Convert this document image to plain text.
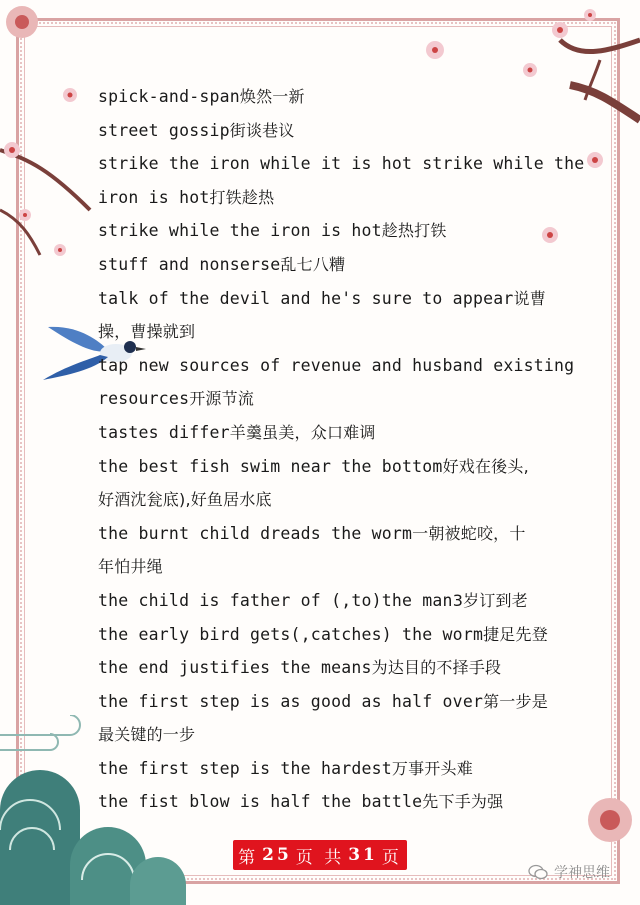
spick-and-span焕然一新
street gossip街谈巷议
strike the iron while it is hot strike while the
iron is hot打铁趁热
strike while the iron is hot趁热打铁
stuff and nonserse乱七八糟
talk of the devil and he's sure to appear说曹
操，曹操就到
tap new sources of revenue and husband existing
resources开源节流
tastes differ羊羹虽美，众口难调
the best fish swim near the bottom好戏在後头,
好酒沈瓮底),好鱼居水底
the burnt child dreads the worm一朝被蛇咬，十
年怕井绳
the child is father of (,to)the man3岁订到老
the early bird gets(,catches) the worm捷足先登
the end justifies the means为达目的不择手段
the first step is as good as half over第一步是
最关键的一步
the first step is the hardest万事开头难
the fist blow is half the battle先下手为强
第 25 页 共 31 页
学神思维
